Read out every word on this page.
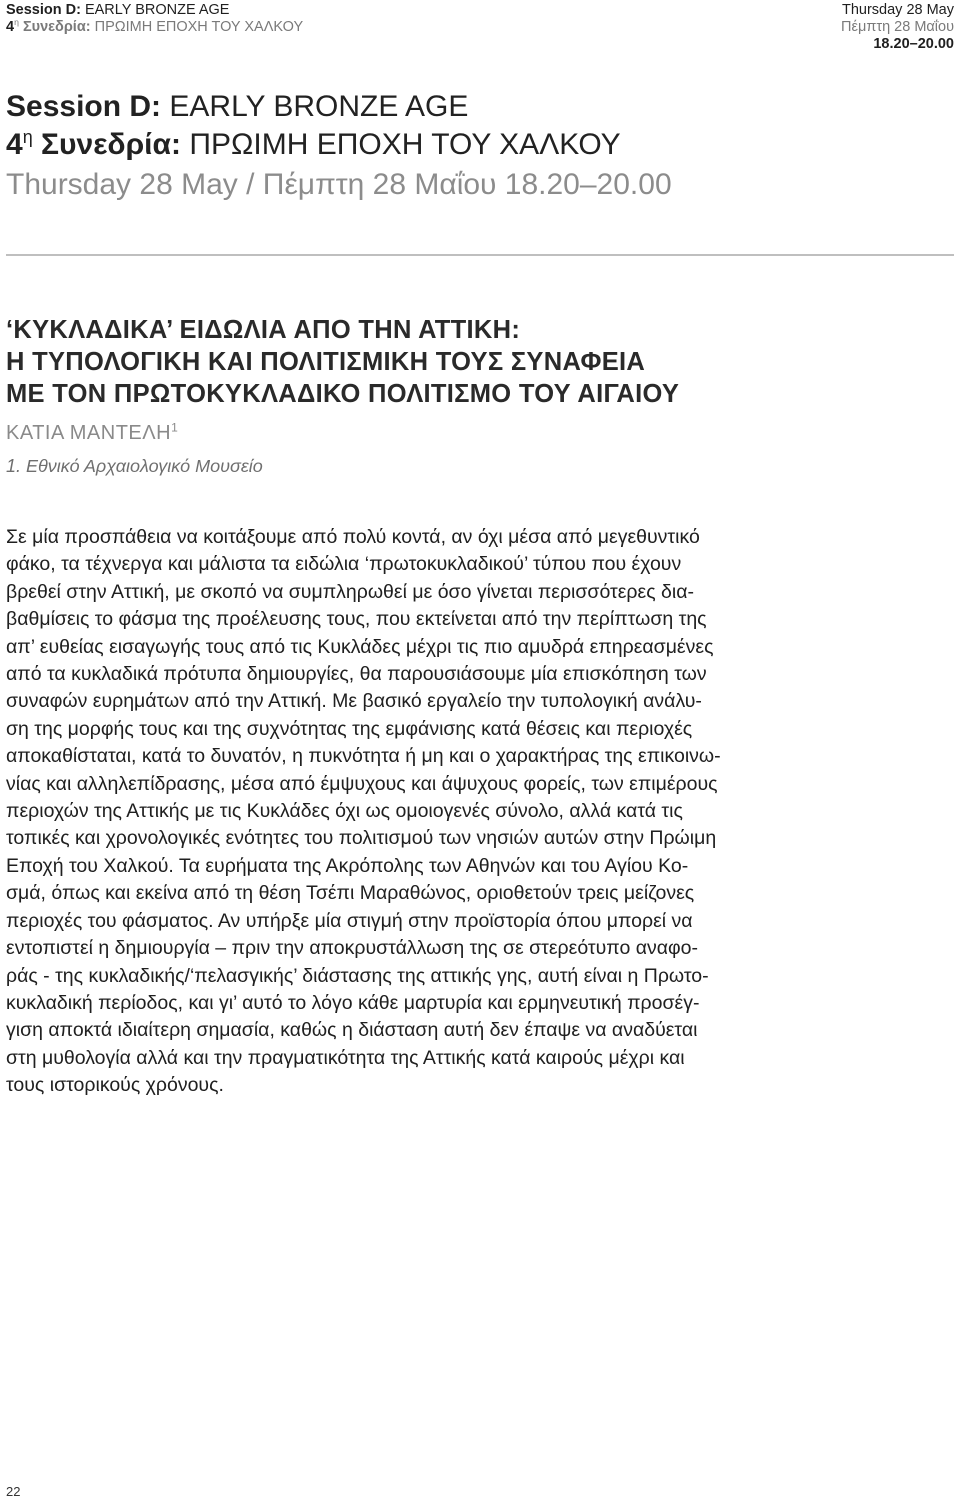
Session D: EARLY BRONZE AGE
$4^\eta$ Συνεδρία: ΠΡΩΙΜΗ ΕΠΟΧΗ ΤΟΥ ΧΑΛΚΟΥ
Thursday 28 May
Πέμπτη 28 Μαΐου
18.20–20.00

Session D: EARLY BRONZE AGE

$4^\eta$ Συνεδρία: ΠΡΩΙΜΗ ΕΠΟΧΗ ΤΟΥ ΧΑΛΚΟΥ

Thursday 28 May / Πέμπτη 28 Μαΐου 18.20–20.00

‘ΚΥΚΛΑΔΙΚΑ’ ΕΙΔΩΛΙΑ ΑΠΟ ΤΗΝ ΑΤΤΙΚΗ:
Η ΤΥΠΟΛΟΓΙΚΗ ΚΑΙ ΠΟΛΙΤΙΣΜΙΚΗ ΤΟΥΣ ΣΥΝΑΦΕΙΑ
ΜΕ ΤΟΝ ΠΡΩΤΟΚΥΚΛΑΔΙΚΟ ΠΟΛΙΤΙΣΜΟ ΤΟΥ ΑΙΓΑΙΟΥ

ΚΑΤΙΑ ΜΑΝΤΕΛΗ$^1$

1. Εθνικό Αρχαιολογικό Μουσείο

Σε μία προσπάθεια να κοιτάξουμε από πολύ κοντά, αν όχι μέσα από μεγεθυντικό
φάκο, τα τέχνεργα και μάλιστα τα ειδώλια ‘πρωτοκυκλαδικού’ τύπου που έχουν
βρεθεί στην Αττική, με σκοπό να συμπληρωθεί με όσο γίνεται περισσότερες δια-
βαθμίσεις το φάσμα της προέλευσης τους, που εκτείνεται από την περίπτωση της
απ’ ευθείας εισαγωγής τους από τις Κυκλάδες μέχρι τις πιο αμυδρά επηρεασμένες
από τα κυκλαδικά πρότυπα δημιουργίες, θα παρουσιάσουμε μία επισκόπηση των
συναφών ευρημάτων από την Αττική. Με βασικό εργαλείο την τυπολογική ανάλυ-
ση της μορφής τους και της συχνότητας της εμφάνισης κατά θέσεις και περιοχές
αποκαθίσταται, κατά το δυνατόν, η πυκνότητα ή μη και ο χαρακτήρας της επικοινω-
νίας και αλληλεπίδρασης, μέσα από έμψυχους και άψυχους φορείς, των επιμέρους
περιοχών της Αττικής με τις Κυκλάδες όχι ως ομοιογενές σύνολο, αλλά κατά τις
τοπικές και χρονολογικές ενότητες του πολιτισμού των νησιών αυτών στην Πρώιμη
Εποχή του Χαλκού. Τα ευρήματα της Ακρόπολης των Αθηνών και του Αγίου Κο-
σμά, όπως και εκείνα από τη θέση Τσέπι Μαραθώνος, οριοθετούν τρεις μείζονες
περιοχές του φάσματος. Αν υπήρξε μία στιγμή στην προϊστορία όπου μπορεί να
εντοπιστεί η δημιουργία – πριν την αποκρυστάλλωση της σε στερεότυπο αναφο-
ράς - της κυκλαδικής/‘πελασγικής’ διάστασης της αττικής γης, αυτή είναι η Πρωτο-
κυκλαδική περίοδος, και γι’ αυτό το λόγο κάθε μαρτυρία και ερμηνευτική προσέγ-
γιση αποκτά ιδιαίτερη σημασία, καθώς η διάσταση αυτή δεν έπαψε να αναδύεται
στη μυθολογία αλλά και την πραγματικότητα της Αττικής κατά καιρούς μέχρι και
τους ιστορικούς χρόνους.
22
